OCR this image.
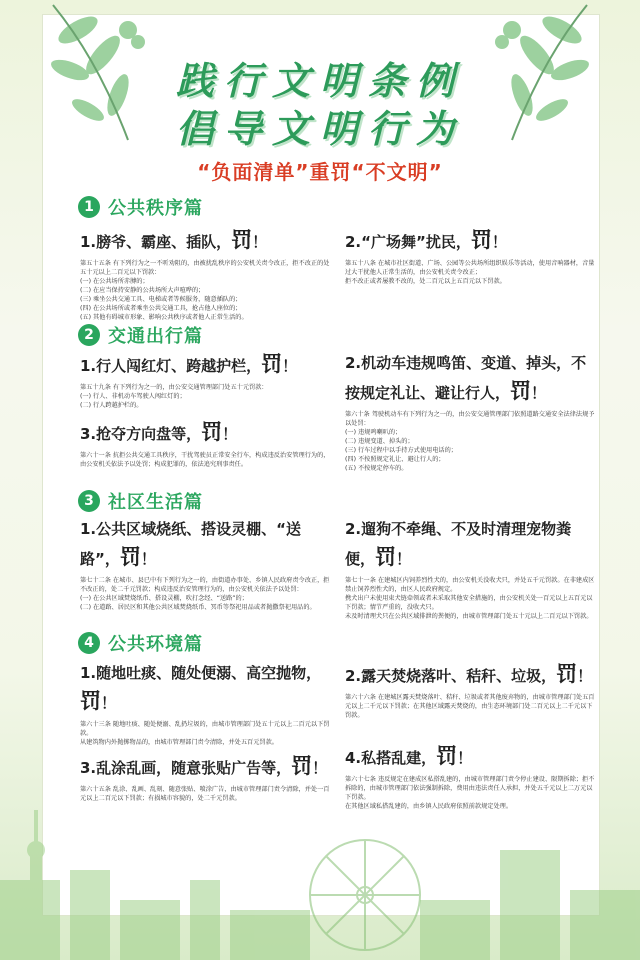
践行文明条例
倡导文明行为
“负面清单”重罚“不文明”
1 公共秩序篇
1.膀爷、霸座、插队，罚！
第五十五条 有下列行为之一不听劝阻的，由被扰乱秩序的公安机关责令改正，拒不改正的处五十元以上二百元以下罚款：
(一) 在公共场所赤膊的；
(二) 在应当保持安静的公共场所大声喧哗的；
(三) 乘坐公共交通工具、电梯或者等候服务，随意插队的；
(四) 在公共场所或者乘坐公共交通工具，抢占他人座位的；
(五) 其他有碍城市形象、影响公共秩序或者他人正常生活的。
2.“广场舞”扰民，罚！
第五十八条 在城市社区街道、广场、公园等公共场所组织娱乐等活动，使用音响器材，音量过大干扰他人正常生活的，由公安机关责令改正；
拒不改正或者屡教不改的，处二百元以上五百元以下罚款。
2 交通出行篇
1.行人闯红灯、跨越护栏，罚！
第五十九条 有下列行为之一的，由公安交通管理部门处五十元罚款：
(一) 行人、非机动车驾驶人闯红灯的；
(二) 行人跨越护栏的。
3.抢夺方向盘等，罚！
第六十一条 抗拒公共交通工具秩序，干扰驾驶员正常安全行车，构成违反治安管理行为的，由公安机关依法予以处罚；构成犯罪的，依法追究刑事责任。
2.机动车违规鸣笛、变道、掉头，不按规定礼让、避让行人，罚！
第六十条 驾驶机动车有下列行为之一的，由公安交通管理部门依照道路交通安全法律法规予以处罚：
(一) 违规鸣喇叭的；
(二) 违规变道、掉头的；
(三) 行车过程中以手持方式使用电话的；
(四) 不按照规定礼让、避让行人的；
(五) 不按规定停车的。
3 社区生活篇
1.公共区域烧纸、搭设灵棚、“送路”，罚！
第七十二条 在城市、县已中有下列行为之一的，由街道办事处、乡镇人民政府责令改正，拒不改正的，处二千元罚款；构成违反治安管理行为的，由公安机关依法予以处罚：
(一) 在公共区域焚烧纸币、搭设灵棚，吹打念经、“送路”的；
(二) 在道路、居民区和其他公共区域焚烧纸币、冥币等祭祀用品或者抛撒祭祀用品的。
2.遛狗不牵绳、不及时清理宠物粪便，罚！
第七十一条 在建城区内饲养烈性犬的，由公安机关没收犬只，并处五千元罚款。在非建成区禁止饲养烈性犬的，由区人民政府规定。
携犬出户未使用束犬链牵领或者未采取其他安全措施的，由公安机关处一百元以上五百元以下罚款；情节严重的，没收犬只。
未及时清理犬只在公共区域排泄的粪便的，由城市管理部门处五十元以上二百元以下罚款。
4 公共环境篇
1.随地吐痰、随处便溺、高空抛物，罚！
第六十三条 随地吐痰、随处便溺、乱扔垃圾的，由城市管理部门处五十元以上二百元以下罚款。
从建筑物内外抛掷物品的，由城市管理部门责令清除，并处五百元罚款。
2.露天焚烧落叶、秸秆、垃圾，罚！
第六十六条 在建城区露天焚烧落叶、秸秆、垃圾或者其他废弃物的，由城市管理部门处五百元以上二千元以下罚款；在其他区域露天焚烧的，由生态环境部门处二百元以上二千元以下罚款。
3.乱涂乱画，随意张贴广告等，罚！
第六十五条 乱涂、乱画、乱刻、随意张贴、喷涂广告，由城市管理部门责令清除，并处一百元以上二百元以下罚款；有损城市容貌的，处二千元罚款。
4.私搭乱建，罚！
第六十七条 违反规定在建成区私搭乱建的，由城市管理部门责令停止建设、限期拆除；拒不拆除的，由城市管理部门依法强制拆除，费用由违法责任人承担，并处五千元以上二万元以下罚款。
在其他区域私搭乱建的，由乡镇人民政府依照前款规定处理。
